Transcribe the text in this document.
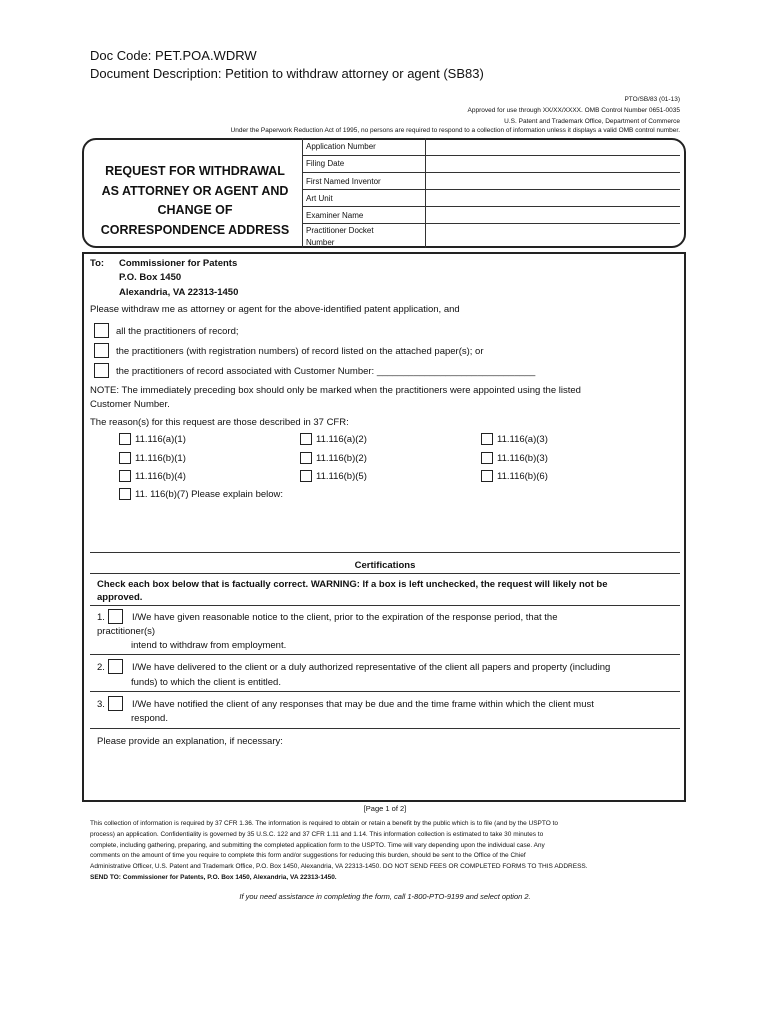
Doc Code: PET.POA.WDRW
Document Description: Petition to withdraw attorney or agent (SB83)
PTO/SB/83 (01-13)
Approved for use through XX/XX/XXXX. OMB Control Number 0651-0035
U.S. Patent and Trademark Office, Department of Commerce
Under the Paperwork Reduction Act of 1995, no persons are required to respond to a collection of information unless it displays a valid OMB control number.
REQUEST FOR WITHDRAWAL
AS ATTORNEY OR AGENT AND
CHANGE OF
CORRESPONDENCE ADDRESS
Application Number
Filing Date
First Named Inventor
Art Unit
Examiner Name
Practitioner Docket
Number
To: Commissioner for Patents
P.O. Box 1450
Alexandria, VA 22313-1450
Please withdraw me as attorney or agent for the above-identified patent application, and
all the practitioners of record;
the practitioners (with registration numbers) of record listed on the attached paper(s); or
the practitioners of record associated with Customer Number: ______________________________
NOTE: The immediately preceding box should only be marked when the practitioners were appointed using the listed
Customer Number.
The reason(s) for this request are those described in 37 CFR:
11.116(a)(1)	11.116(a)(2)	11.116(a)(3)
11.116(b)(1)	11.116(b)(2)	11.116(b)(3)
11.116(b)(4)	11.116(b)(5)	11.116(b)(6)
11. 116(b)(7) Please explain below:
Certifications
Check each box below that is factually correct. WARNING: If a box is left unchecked, the request will likely not be
approved.
1.	I/We have given reasonable notice to the client, prior to the expiration of the response period, that the
practitioner(s)
intend to withdraw from employment.
2.	I/We have delivered to the client or a duly authorized representative of the client all papers and property (including
funds) to which the client is entitled.
3.	I/We have notified the client of any responses that may be due and the time frame within which the client must
respond.
Please provide an explanation, if necessary:
[Page 1 of 2]
This collection of information is required by 37 CFR 1.36. The information is required to obtain or retain a benefit by the public which is to file (and by the USPTO to
process) an application. Confidentiality is governed by 35 U.S.C. 122 and 37 CFR 1.11 and 1.14. This information collection is estimated to take 30 minutes to
complete, including gathering, preparing, and submitting the completed application form to the USPTO. Time will vary depending upon the individual case. Any
comments on the amount of time you require to complete this form and/or suggestions for reducing this burden, should be sent to the Office of the Chief
Administrative Officer, U.S. Patent and Trademark Office, P.O. Box 1450, Alexandria, VA 22313-1450. DO NOT SEND FEES OR COMPLETED FORMS TO THIS ADDRESS.
SEND TO: Commissioner for Patents, P.O. Box 1450, Alexandria, VA 22313-1450.
If you need assistance in completing the form, call 1-800-PTO-9199 and select option 2.
